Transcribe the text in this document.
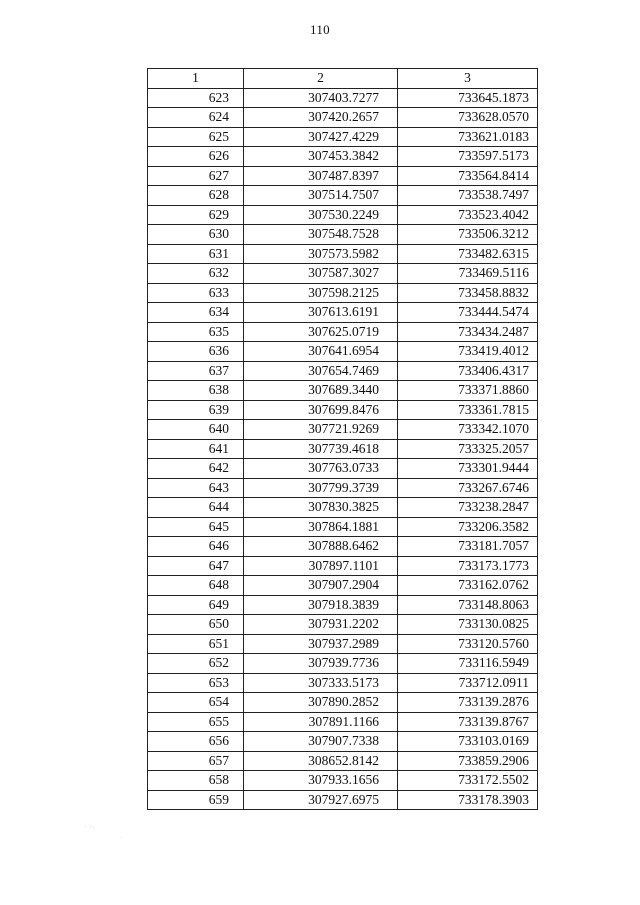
110
1	2	3
623	307403.7277	733645.1873
624	307420.2657	733628.0570
625	307427.4229	733621.0183
626	307453.3842	733597.5173
627	307487.8397	733564.8414
628	307514.7507	733538.7497
629	307530.2249	733523.4042
630	307548.7528	733506.3212
631	307573.5982	733482.6315
632	307587.3027	733469.5116
633	307598.2125	733458.8832
634	307613.6191	733444.5474
635	307625.0719	733434.2487
636	307641.6954	733419.4012
637	307654.7469	733406.4317
638	307689.3440	733371.8860
639	307699.8476	733361.7815
640	307721.9269	733342.1070
641	307739.4618	733325.2057
642	307763.0733	733301.9444
643	307799.3739	733267.6746
644	307830.3825	733238.2847
645	307864.1881	733206.3582
646	307888.6462	733181.7057
647	307897.1101	733173.1773
648	307907.2904	733162.0762
649	307918.3839	733148.8063
650	307931.2202	733130.0825
651	307937.2989	733120.5760
652	307939.7736	733116.5949
653	307333.5173	733712.0911
654	307890.2852	733139.2876
655	307891.1166	733139.8767
656	307907.7338	733103.0169
657	308652.8142	733859.2906
658	307933.1656	733172.5502
659	307927.6975	733178.3903
· ·.
·
